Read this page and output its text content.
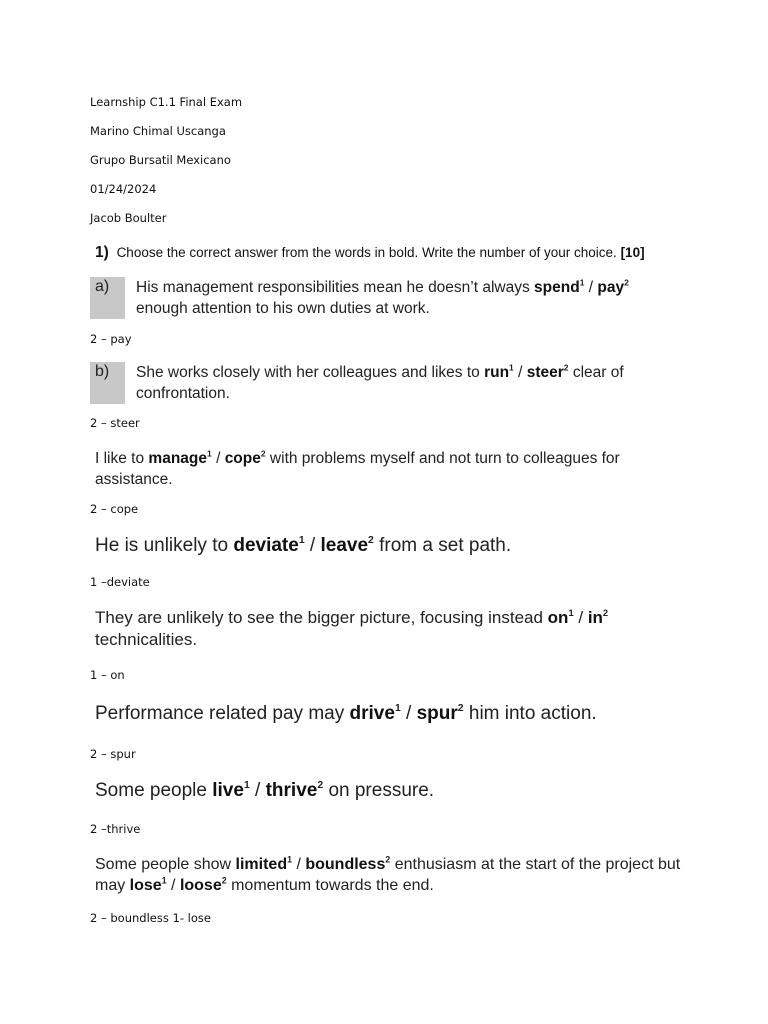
Learnship C1.1 Final Exam
Marino Chimal Uscanga
Grupo Bursatil Mexicano
01/24/2024
Jacob Boulter
1) Choose the correct answer from the words in bold. Write the number of your choice. [10]
a) His management responsibilities mean he doesn’t always spend$^1$ / pay$^2$ enough attention to his own duties at work.
2 – pay
b) She works closely with her colleagues and likes to run$^1$ / steer$^2$ clear of confrontation.
2 – steer
I like to manage$^1$ / cope$^2$ with problems myself and not turn to colleagues for assistance.
2 – cope
He is unlikely to deviate$^1$ / leave$^2$ from a set path.
1 –deviate
They are unlikely to see the bigger picture, focusing instead $on^1 / in^2$ technicalities.
1 – on
Performance related pay may drive$^1$ / spur$^2$ him into action.
2 – spur
Some people live$^1$ / thrive$^2$ on pressure.
2 –thrive
Some people show limited$^1$ / boundless$^2$ enthusiasm at the start of the project but may lose$^1$ / loose$^2$ momentum towards the end.
2 – boundless 1- lose
